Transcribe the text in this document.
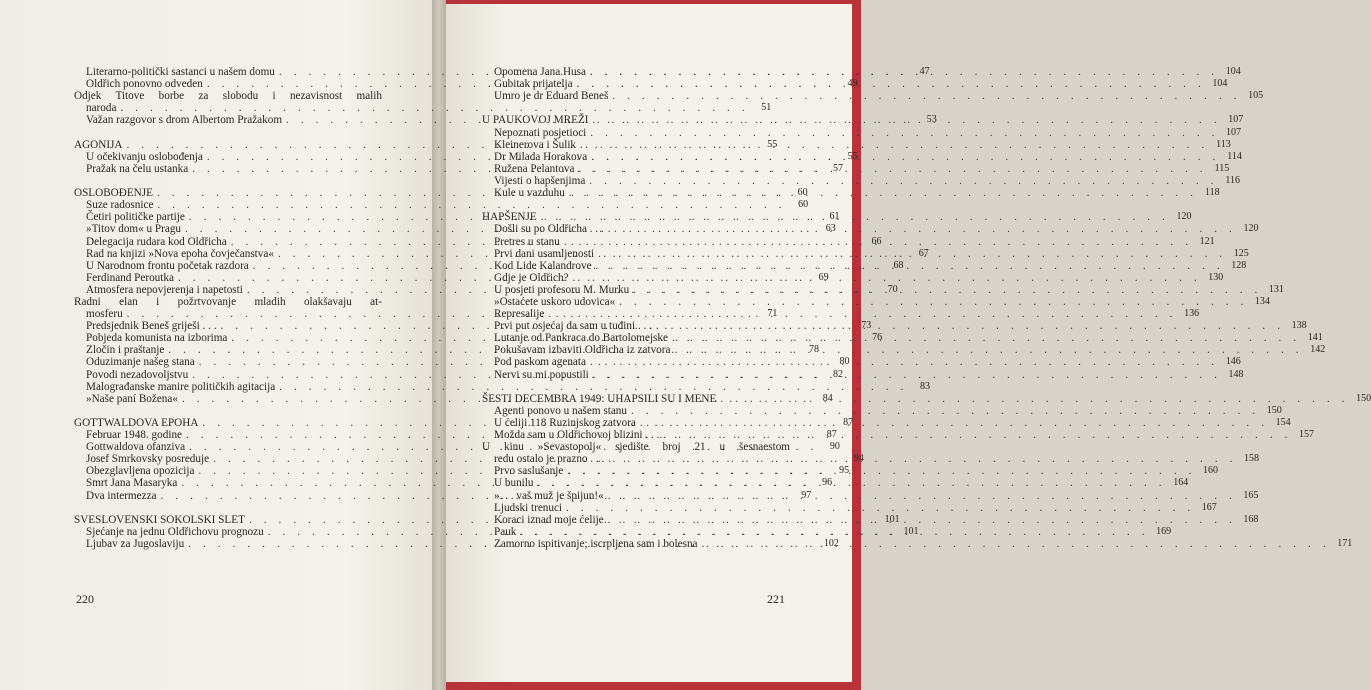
Literarno-politički sastanci u našem domu . . .	47
Oldřich ponovno odveden . . .	49
Odjek Titove borbe za slobodu i nezavisnost malih
naroda . . .	51
Važan razgovor s drom Albertom Pražakom . . .	53
AGONIJA . . .	55
U očekivanju oslobođenja . . .	55
Pražak na čelu ustanka . . .	57
OSLOBOĐENJE . . .	60
Suze radosnice . . .	60
Četiri političke partije . . .	61
»Titov dom« u Pragu . . .	63
Delegacija rudara kod Oldřicha . . .	66
Rad na knjizi »Nova epoha čovječanstva« . . .	67
U Narodnom frontu početak razdora . . .	68
Ferdinand Peroutka . . .	69
Atmosfera nepovjerenja i napetosti . . .	70
Radni elan i požrtvovanje mladih olakšavaju at-
mosferu . . .	71
Predsjednik Beneš griješi . . . . . .	73
Pobjeda komunista na izborima . . .	76
Zločin i praštanje . . .	78
Oduzimanje našeg stana . . .	80
Povodi nezadovoljstvu . . .	82
Malograđanske manire političkih agitacija . . .	83
»Naše paní Božena« . . .	84
GOTTWALDOVA EPOHA . . .	87
Februar 1948. godine . . .	87
Gottwaldova ofanziva . . .	90
Josef Smrkovsky posreduje . . .	94
Obezglavljena opozicija . . .	95
Smrt Jana Masaryka . . .	96
Dva intermezza . . .	97
SVESLOVENSKI SOKOLSKI SLET . . .	101
Sjećanje na jednu Oldřichovu prognozu . . .	101
Ljubav za Jugoslaviju . . .	102
Opomena Jana Husa . . .	104
Gubitak prijatelja . . .	104
Umro je dr Eduard Beneš . . .	105
U PAUKOVOJ MREŽI . . .	107
Nepoznati posjetioci . . .	107
Kleinerova i Šulik . . .	113
Dr Milada Horakova . . .	114
Ružena Pelantova . . .	115
Vijesti o hapšenjima . . .	116
Kule u vazduhu . . .	118
HAPŠENJE . . .	120
Došli su po Oldřicha . . . . . .	120
Pretres u stanu . . .	121
Prvi dani usamljenosti . . .	125
Kod Lide Kalandrove . . .	128
Gdje je Oldřich? . . .	130
U posjeti profesoru M. Murku . . .	131
»Ostaćete uskoro udovica« . . .	134
Represalije . . .	136
Prvi put osjećaj da sam u tuđini . . . . . .	138
Lutanje od Pankraca do Bartolomejske . . .	141
Pokušavam izbaviti Oldřicha iz zatvora . . .	142
Pod paskom agenata . . .	146
Nervi su mi popustili . . .	148
ŠESTI DECEMBRA 1949: UHAPSILI SU I MENE . . .	150
Agenti ponovo u našem stanu . . .	150
U ćeliji 118 Ruzinjskog zatvora . . .	154
Možda sam u Oldřichovoj blizini . . . . . .	157
U kinu »Sevastopolj« sjedište broj 21 u šesnaestom
redu ostalo je prazno . . . . . .	158
Prvo saslušanje . . .	160
U bunilu . . .	164
». . . vaš muž je špijun!« . . .	165
Ljudski trenuci . . .	167
Koraci iznad moje ćelije . . .	168
Pauk . . .	169
Zamorno ispitivanje; iscrpljena sam i bolesna . . .	171
220	221
